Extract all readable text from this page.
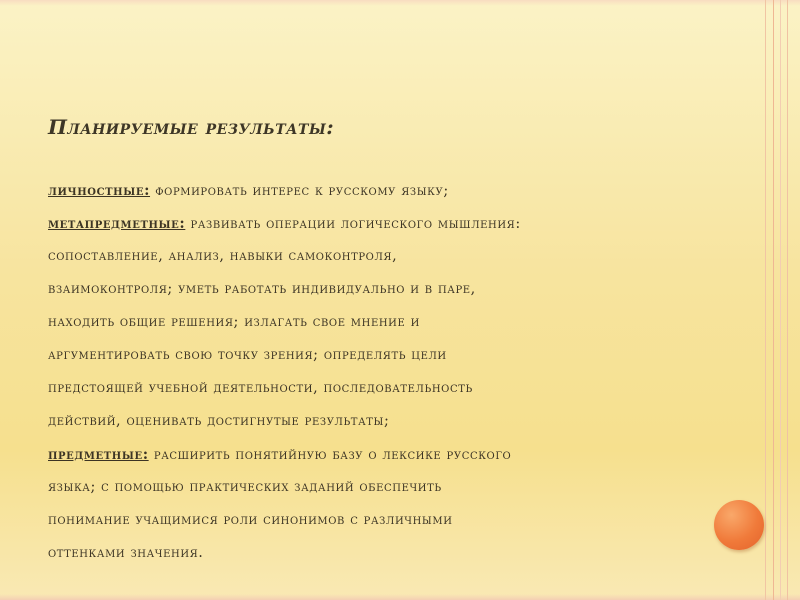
Планируемые результаты:
личностные: формировать интерес к русскому языку;
метапредметные: развивать операции логического мышления:
сопоставление, анализ, навыки самоконтроля,
взаимоконтроля; уметь работать индивидуально и в паре,
находить общие решения; излагать свое мнение и
аргументировать свою точку зрения; определять цели
предстоящей учебной деятельности, последовательность
действий, оценивать достигнутые результаты;
предметные: расширить понятийную базу о лексике русского
языка; с помощью практических заданий обеспечить
понимание учащимися роли синонимов с различными
оттенками значения.
